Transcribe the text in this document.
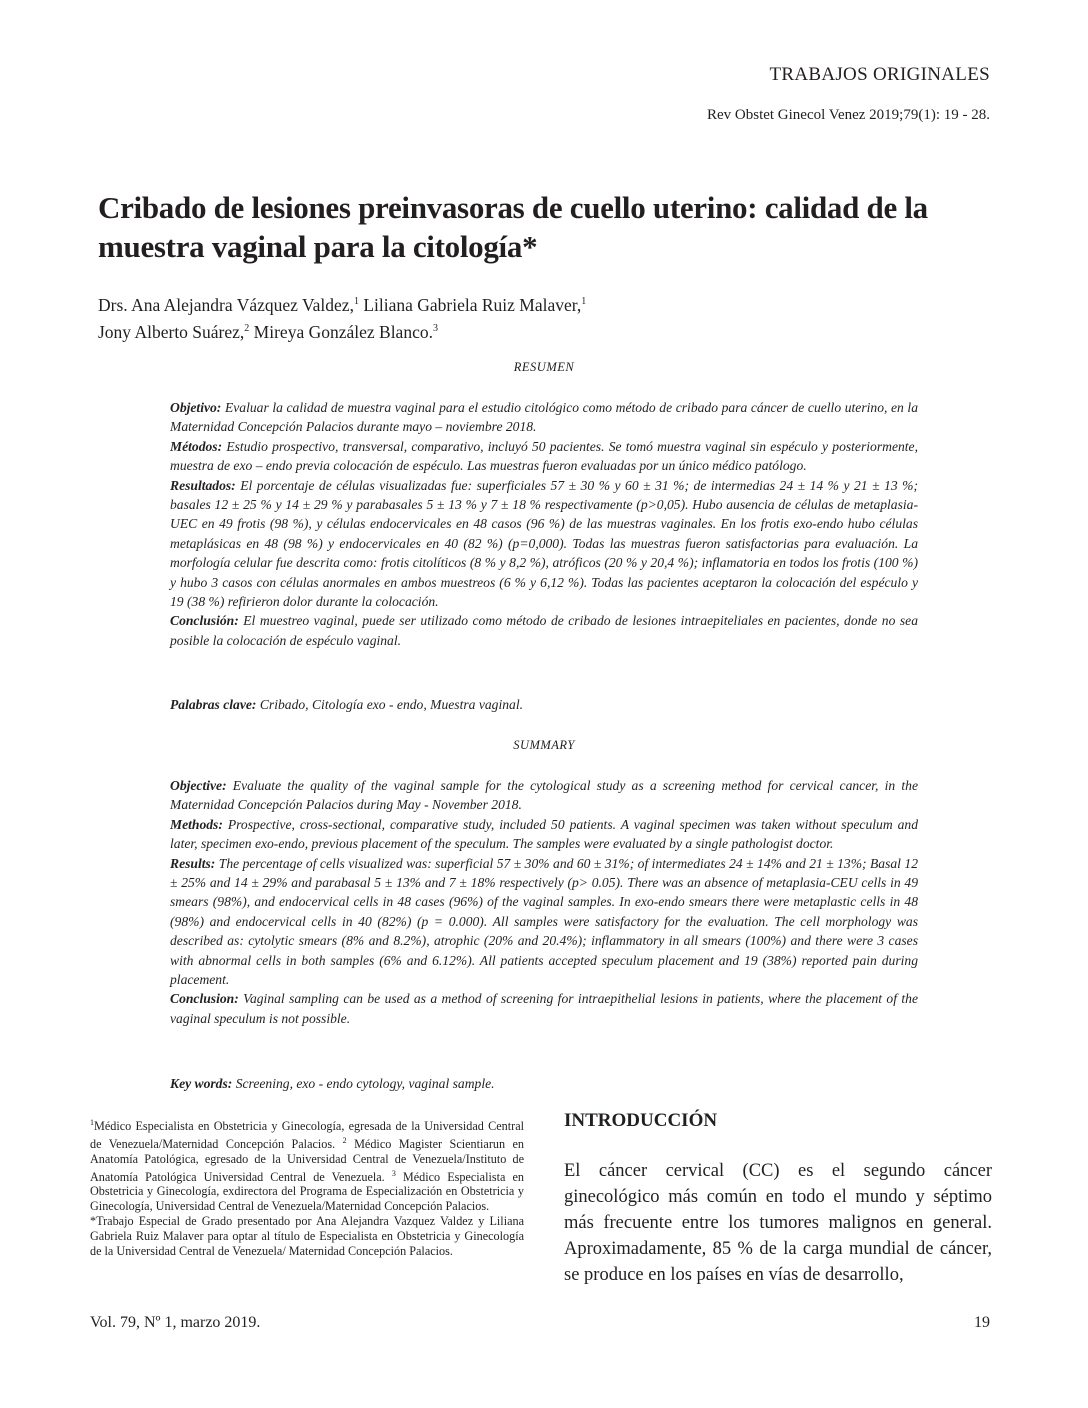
TRABAJOS ORIGINALES
Rev Obstet Ginecol Venez 2019;79(1): 19 - 28.
Cribado de lesiones preinvasoras de cuello uterino: calidad de la muestra vaginal para la citología*
Drs. Ana Alejandra Vázquez Valdez,$^1$ Liliana Gabriela Ruiz Malaver,$^1$
Jony Alberto Suárez,$^2$ Mireya González Blanco.$^3$
RESUMEN

Objetivo: Evaluar la calidad de muestra vaginal para el estudio citológico como método de cribado para cáncer de cuello uterino, en la Maternidad Concepción Palacios durante mayo – noviembre 2018.

Métodos: Estudio prospectivo, transversal, comparativo, incluyó 50 pacientes. Se tomó muestra vaginal sin espéculo y posteriormente, muestra de exo – endo previa colocación de espéculo. Las muestras fueron evaluadas por un único médico patólogo.

Resultados: El porcentaje de células visualizadas fue: superficiales 57 ± 30 % y 60 ± 31 %; de intermedias 24 ± 14 % y 21 ± 13 %; basales 12 ± 25 % y 14 ± 29 % y parabasales 5 ± 13 % y 7 ± 18 % respectivamente (p>0,05). Hubo ausencia de células de metaplasia-UEC en 49 frotis (98 %), y células endocervicales en 48 casos (96 %) de las muestras vaginales. En los frotis exo-endo hubo células metaplásicas en 48 (98 %) y endocervicales en 40 (82 %) (p=0,000). Todas las muestras fueron satisfactorias para evaluación. La morfología celular fue descrita como: frotis citolíticos (8 % y 8,2 %), atróficos (20 % y 20,4 %); inflamatoria en todos los frotis (100 %) y hubo 3 casos con células anormales en ambos muestreos (6 % y 6,12 %). Todas las pacientes aceptaron la colocación del espéculo y 19 (38 %) refirieron dolor durante la colocación.

Conclusión: El muestreo vaginal, puede ser utilizado como método de cribado de lesiones intraepiteliales en pacientes, donde no sea posible la colocación de espéculo vaginal.

Palabras clave: Cribado, Citología exo - endo, Muestra vaginal.
SUMMARY

Objective: Evaluate the quality of the vaginal sample for the cytological study as a screening method for cervical cancer, in the Maternidad Concepción Palacios during May - November 2018.

Methods: Prospective, cross-sectional, comparative study, included 50 patients. A vaginal specimen was taken without speculum and later, specimen exo-endo, previous placement of the speculum. The samples were evaluated by a single pathologist doctor.

Results: The percentage of cells visualized was: superficial 57 ± 30% and 60 ± 31%; of intermediates 24 ± 14% and 21 ± 13%; Basal 12 ± 25% and 14 ± 29% and parabasal 5 ± 13% and 7 ± 18% respectively (p> 0.05). There was an absence of metaplasia-CEU cells in 49 smears (98%), and endocervical cells in 48 cases (96%) of the vaginal samples. In exo-endo smears there were metaplastic cells in 48 (98%) and endocervical cells in 40 (82%) (p = 0.000). All samples were satisfactory for the evaluation. The cell morphology was described as: cytolytic smears (8% and 8.2%), atrophic (20% and 20.4%); inflammatory in all smears (100%) and there were 3 cases with abnormal cells in both samples (6% and 6.12%). All patients accepted speculum placement and 19 (38%) reported pain during placement.

Conclusion: Vaginal sampling can be used as a method of screening for intraepithelial lesions in patients, where the placement of the vaginal speculum is not possible.

Key words: Screening, exo - endo cytology, vaginal sample.

$^1$Médico Especialista en Obstetricia y Ginecología, egresada de la Universidad Central de Venezuela/Maternidad Concepción Palacios. $^2$ Médico Magister Scientiarun en Anatomía Patológica, egresado de la Universidad Central de Venezuela/Instituto de Anatomía Patológica Universidad Central de Venezuela. $^3$ Médico Especialista en Obstetricia y Ginecología, exdirectora del Programa de Especialización en Obstetricia y Ginecología, Universidad Central de Venezuela/Maternidad Concepción Palacios.

*Trabajo Especial de Grado presentado por Ana Alejandra Vazquez Valdez y Liliana Gabriela Ruiz Malaver para optar al título de Especialista en Obstetricia y Ginecología de la Universidad Central de Venezuela/ Maternidad Concepción Palacios.

INTRODUCCIÓN

El cáncer cervical (CC) es el segundo cáncer ginecológico más común en todo el mundo y séptimo más frecuente entre los tumores malignos en general. Aproximadamente, 85 % de la carga mundial de cáncer, se produce en los países en vías de desarrollo,

Vol. 79, Nº 1, marzo 2019.	19
